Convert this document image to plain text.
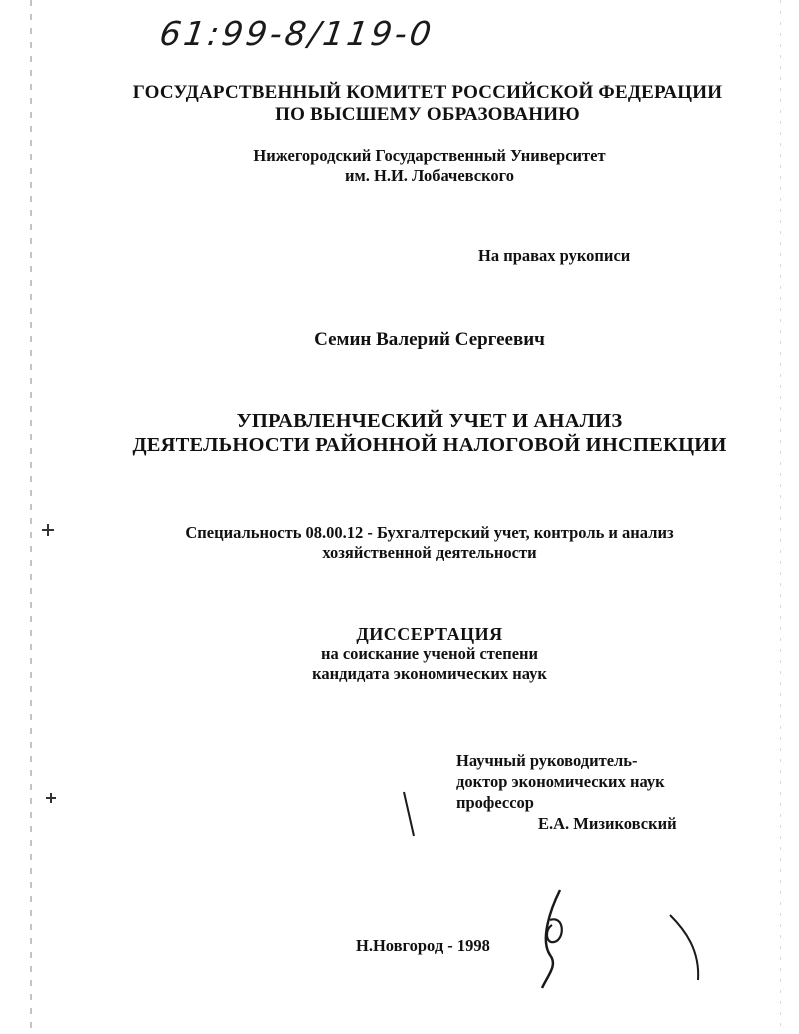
61:99-8/119-0
ГОСУДАРСТВЕННЫЙ КОМИТЕТ РОССИЙСКОЙ ФЕДЕРАЦИИ
ПО ВЫСШЕМУ ОБРАЗОВАНИЮ
Нижегородский Государственный Университет
им. Н.И. Лобачевского
На правах рукописи
Семин Валерий Сергеевич
УПРАВЛЕНЧЕСКИЙ УЧЕТ И АНАЛИЗ
ДЕЯТЕЛЬНОСТИ РАЙОННОЙ НАЛОГОВОЙ ИНСПЕКЦИИ
Специальность 08.00.12 - Бухгалтерский учет, контроль и анализ
хозяйственной деятельности
ДИССЕРТАЦИЯ
на соискание ученой степени
кандидата экономических наук
Научный руководитель-
доктор экономических наук
профессор
Е.А. Мизиковский
Н.Новгород - 1998
